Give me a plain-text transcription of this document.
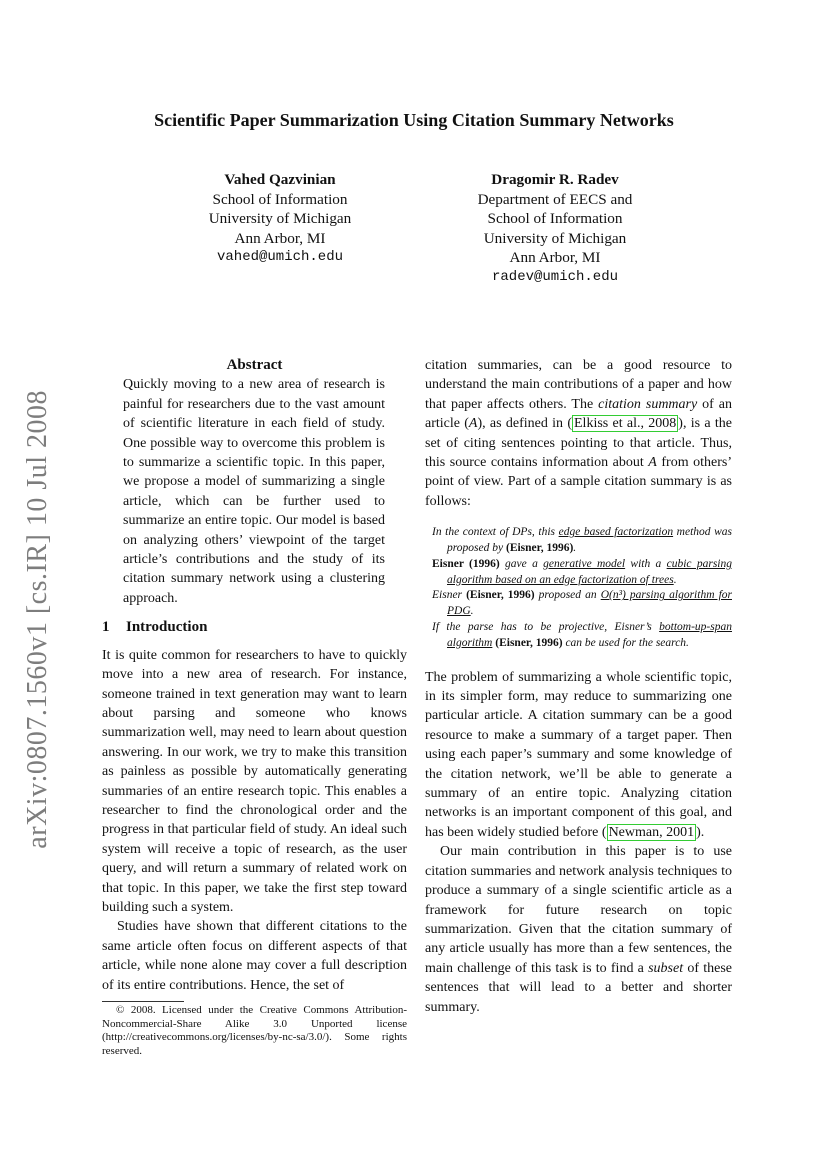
arXiv:0807.1560v1 [cs.IR] 10 Jul 2008
Scientific Paper Summarization Using Citation Summary Networks
Vahed Qazvinian
School of Information
University of Michigan
Ann Arbor, MI
vahed@umich.edu
Dragomir R. Radev
Department of EECS and
School of Information
University of Michigan
Ann Arbor, MI
radev@umich.edu

Abstract

Quickly moving to a new area of research is painful for researchers due to the vast amount of scientific literature in each field of study. One possible way to overcome this problem is to summarize a scientific topic. In this paper, we propose a model of summarizing a single article, which can be further used to summarize an entire topic. Our model is based on analyzing others’ viewpoint of the target article’s contributions and the study of its citation summary network using a clustering approach.

1 Introduction

It is quite common for researchers to have to quickly move into a new area of research. For instance, someone trained in text generation may want to learn about parsing and someone who knows summarization well, may need to learn about question answering. In our work, we try to make this transition as painless as possible by automatically generating summaries of an entire research topic. This enables a researcher to find the chronological order and the progress in that particular field of study. An ideal such system will receive a topic of research, as the user query, and will return a summary of related work on that topic. In this paper, we take the first step toward building such a system.

Studies have shown that different citations to the same article often focus on different aspects of that article, while none alone may cover a full description of its entire contributions. Hence, the set of

© 2008. Licensed under the Creative Commons Attribution-Noncommercial-Share Alike 3.0 Unported license (http://creativecommons.org/licenses/by-nc-sa/3.0/). Some rights reserved.

citation summaries, can be a good resource to understand the main contributions of a paper and how that paper affects others. The citation summary of an article (A), as defined in ( Elkiss et al., 2008 ), is a the set of citing sentences pointing to that article. Thus, this source contains information about A from others’ point of view. Part of a sample citation summary is as follows:

In the context of DPs, this edge based factorization method was proposed by (Eisner, 1996).

Eisner (1996) gave a generative model with a cubic parsing algorithm based on an edge factorization of trees.

Eisner (Eisner, 1996) proposed an O(n³) parsing algorithm for PDG.

If the parse has to be projective, Eisner’s bottom-up-span algorithm (Eisner, 1996) can be used for the search.

The problem of summarizing a whole scientific topic, in its simpler form, may reduce to summarizing one particular article. A citation summary can be a good resource to make a summary of a target paper. Then using each paper’s summary and some knowledge of the citation network, we’ll be able to generate a summary of an entire topic. Analyzing citation networks is an important component of this goal, and has been widely studied before ( Newman, 2001 ).

Our main contribution in this paper is to use citation summaries and network analysis techniques to produce a summary of a single scientific article as a framework for future research on topic summarization. Given that the citation summary of any article usually has more than a few sentences, the main challenge of this task is to find a subset of these sentences that will lead to a better and shorter summary.
